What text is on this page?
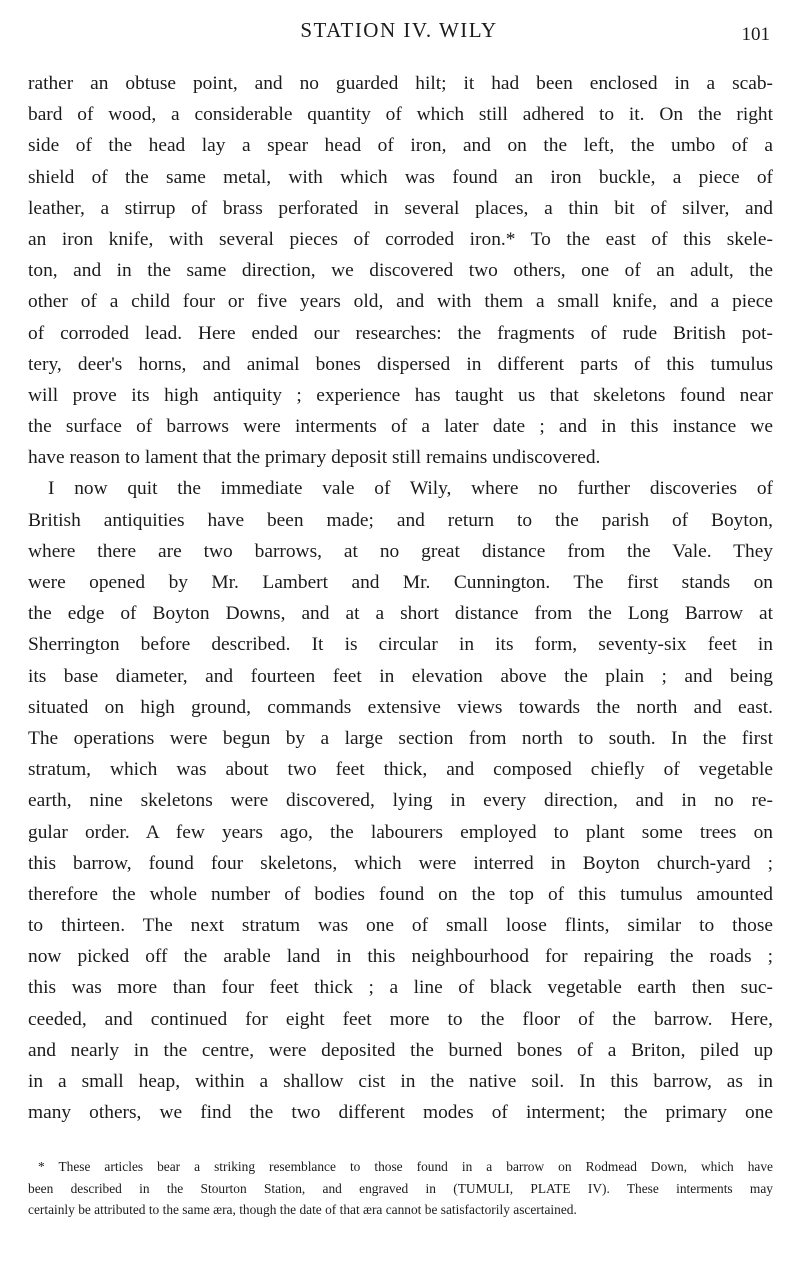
STATION IV. WILY	101
rather an obtuse point, and no guarded hilt; it had been enclosed in a scab-
bard of wood, a considerable quantity of which still adhered to it. On the right
side of the head lay a spear head of iron, and on the left, the umbo of a
shield of the same metal, with which was found an iron buckle, a piece of
leather, a stirrup of brass perforated in several places, a thin bit of silver, and
an iron knife, with several pieces of corroded iron.* To the east of this skele-
ton, and in the same direction, we discovered two others, one of an adult, the
other of a child four or five years old, and with them a small knife, and a piece
of corroded lead. Here ended our researches: the fragments of rude British pot-
tery, deer's horns, and animal bones dispersed in different parts of this tumulus
will prove its high antiquity ; experience has taught us that skeletons found near
the surface of barrows were interments of a later date ; and in this instance we
have reason to lament that the primary deposit still remains undiscovered.
I now quit the immediate vale of Wily, where no further discoveries of
British antiquities have been made; and return to the parish of Boyton,
where there are two barrows, at no great distance from the Vale. They
were opened by Mr. Lambert and Mr. Cunnington. The first stands on
the edge of Boyton Downs, and at a short distance from the Long Barrow at
Sherrington before described. It is circular in its form, seventy-six feet in
its base diameter, and fourteen feet in elevation above the plain ; and being
situated on high ground, commands extensive views towards the north and east.
The operations were begun by a large section from north to south. In the first
stratum, which was about two feet thick, and composed chiefly of vegetable
earth, nine skeletons were discovered, lying in every direction, and in no re-
gular order. A few years ago, the labourers employed to plant some trees on
this barrow, found four skeletons, which were interred in Boyton church-yard ;
therefore the whole number of bodies found on the top of this tumulus amounted
to thirteen. The next stratum was one of small loose flints, similar to those
now picked off the arable land in this neighbourhood for repairing the roads ;
this was more than four feet thick ; a line of black vegetable earth then suc-
ceeded, and continued for eight feet more to the floor of the barrow. Here,
and nearly in the centre, were deposited the burned bones of a Briton, piled up
in a small heap, within a shallow cist in the native soil. In this barrow, as in
many others, we find the two different modes of interment; the primary one
* These articles bear a striking resemblance to those found in a barrow on Rodmead Down, which have
been described in the Stourton Station, and engraved in (TUMULI, PLATE IV). These interments may
certainly be attributed to the same æra, though the date of that æra cannot be satisfactorily ascertained.
